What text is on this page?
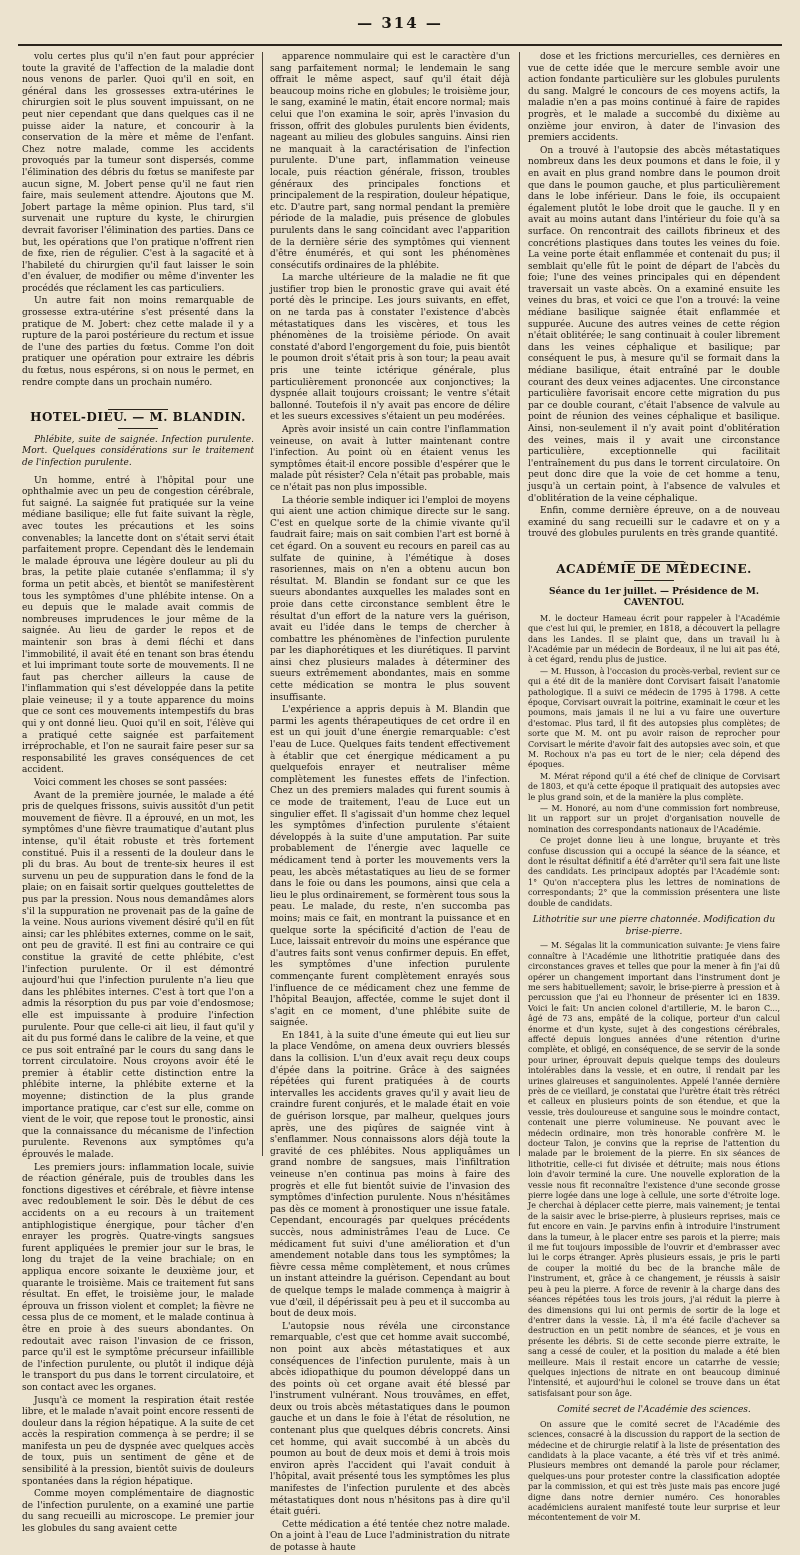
— 314 —

volu certes plus qu'il n'en faut pour apprécier toute la gravité de l'affection de la maladie dont nous venons de parler. Quoi qu'il en soit, en général dans les grossesses extra-utérines le chirurgien soit le plus souvent impuissant, on ne peut nier cependant que dans quelques cas il ne puisse aider la nature, et concourir à la conservation de la mère et même de l'enfant. Chez notre malade, comme les accidents provoqués par la tumeur sont dispersés, comme l'élimination des débris du fœtus se manifeste par aucun signe, M. Jobert pense qu'il ne faut rien faire, mais seulement attendre. Ajoutons que M. Jobert partage la même opinion. Plus tard, s'il survenait une rupture du kyste, le chirurgien devrait favoriser l'élimination des parties. Dans ce but, les opérations que l'on pratique n'offrent rien de fixe, rien de régulier. C'est à la sagacité et à l'habileté du chirurgien qu'il faut laisser le soin d'en évaluer, de modifier ou même d'inventer les procédés que réclament les cas particuliers.

Un autre fait non moins remarquable de grossesse extra-utérine s'est présenté dans la pratique de M. Jobert: chez cette malade il y a rupture de la paroi postérieure du rectum et issue de l'une des parties du fœtus. Comme l'on doit pratiquer une opération pour extraire les débris du fœtus, nous espérons, si on nous le permet, en rendre compte dans un prochain numéro.

HOTEL-DIEU. — M. BLANDIN.

Phlébite, suite de saignée. Infection purulente. Mort. Quelques considérations sur le traitement de l'infection purulente.

Un homme, entré à l'hôpital pour une ophthalmie avec un peu de congestion cérébrale, fut saigné. La saignée fut pratiquée sur la veine médiane basilique; elle fut faite suivant la règle, avec toutes les précautions et les soins convenables; la lancette dont on s'était servi était parfaitement propre. Cependant dès le lendemain le malade éprouva une légère douleur au pli du bras, la petite plaie cutanée s'enflamma; il s'y forma un petit abcès, et bientôt se manifestèrent tous les symptômes d'une phlébite intense. On a eu depuis que le malade avait commis de nombreuses imprudences le jour même de la saignée. Au lieu de garder le repos et de maintenir son bras à demi fléchi et dans l'immobilité, il avait été en tenant son bras étendu et lui imprimant toute sorte de mouvements. Il ne faut pas chercher ailleurs la cause de l'inflammation qui s'est développée dans la petite plaie veineuse; il y a toute apparence du moins que ce sont ces mouvements intempestifs du bras qui y ont donné lieu. Quoi qu'il en soit, l'élève qui a pratiqué cette saignée est parfaitement irréprochable, et l'on ne saurait faire peser sur sa responsabilité les graves conséquences de cet accident.

Voici comment les choses se sont passées:

Avant de la première journée, le malade a été pris de quelques frissons, suivis aussitôt d'un petit mouvement de fièvre. Il a éprouvé, en un mot, les symptômes d'une fièvre traumatique d'autant plus intense, qu'il était robuste et très fortement constitué. Puis il a ressenti de la douleur dans le pli du bras. Au bout de trente-six heures il est survenu un peu de suppuration dans le fond de la plaie; on en faisait sortir quelques gouttelettes de pus par la pression. Nous nous demandâmes alors s'il la suppuration ne provenait pas de la gaîne de la veine. Nous aurions vivement désiré qu'il en fût ainsi; car les phlébites externes, comme on le sait, ont peu de gravité. Il est fini au contraire ce qui constitue la gravité de cette phlébite, c'est l'infection purulente. Or il est démontré aujourd'hui que l'infection purulente n'a lieu que dans les phlébites internes. C'est à tort que l'on a admis la résorption du pus par voie d'endosmose; elle est impuissante à produire l'infection purulente. Pour que celle-ci ait lieu, il faut qu'il y ait du pus formé dans le calibre de la veine, et que ce pus soit entraîné par le cours du sang dans le torrent circulatoire. Nous croyons avoir été le premier à établir cette distinction entre la phlébite interne, la phlébite externe et la moyenne; distinction de la plus grande importance pratique, car c'est sur elle, comme on vient de le voir, que repose tout le pronostic, ainsi que la connaissance du mécanisme de l'infection purulente. Revenons aux symptômes qu'a éprouvés le malade.

Les premiers jours: inflammation locale, suivie de réaction générale, puis de troubles dans les fonctions digestives et cérébrale, et fièvre intense avec redoublement le soir. Dès le début de ces accidents on a eu recours à un traitement antiphlogistique énergique, pour tâcher d'en enrayer les progrès. Quatre-vingts sangsues furent appliquées le premier jour sur le bras, le long du trajet de la veine brachiale; on en appliqua encore soixante le deuxième jour, et quarante le troisième. Mais ce traitement fut sans résultat. En effet, le troisième jour, le malade éprouva un frisson violent et complet; la fièvre ne cessa plus de ce moment, et le malade continua à être en proie à des sueurs abondantes. On redoutait avec raison l'invasion de ce frisson, parce qu'il est le symptôme précurseur infaillible de l'infection purulente, ou plutôt il indique déjà le transport du pus dans le torrent circulatoire, et son contact avec les organes.

Jusqu'à ce moment la respiration était restée libre, et le malade n'avait point encore ressenti de douleur dans la région hépatique. A la suite de cet accès la respiration commença à se perdre; il se manifesta un peu de dyspnée avec quelques accès de toux, puis un sentiment de gêne et de sensibilité à la pression, bientôt suivis de douleurs spontanées dans la région hépatique.

Comme moyen complémentaire de diagnostic de l'infection purulente, on a examiné une partie du sang recueilli au microscope. Le premier jour les globules du sang avaient cette

apparence nommulaire qui est le caractère d'un sang parfaitement normal; le lendemain le sang offrait le même aspect, sauf qu'il était déjà beaucoup moins riche en globules; le troisième jour, le sang, examiné le matin, était encore normal; mais celui que l'on examina le soir, après l'invasion du frisson, offrit des globules purulents bien évidents, nageant au milieu des globules sanguins. Ainsi rien ne manquait à la caractérisation de l'infection purulente. D'une part, inflammation veineuse locale, puis réaction générale, frisson, troubles généraux des principales fonctions et principalement de la respiration, douleur hépatique, etc. D'autre part, sang normal pendant la première période de la maladie, puis présence de globules purulents dans le sang coïncidant avec l'apparition de la dernière série des symptômes qui viennent d'être énumérés, et qui sont les phénomènes consécutifs ordinaires de la phlébite.

La marche ultérieure de la maladie ne fit que justifier trop bien le pronostic grave qui avait été porté dès le principe. Les jours suivants, en effet, on ne tarda pas à constater l'existence d'abcès métastatiques dans les viscères, et tous les phénomènes de la troisième période. On avait constaté d'abord l'engorgement du foie, puis bientôt le poumon droit s'était pris à son tour; la peau avait pris une teinte ictérique générale, plus particulièrement prononcée aux conjonctives; la dyspnée allait toujours croissant; le ventre s'était ballonné. Toutefois il n'y avait pas encore de délire et les sueurs excessives s'étaient un peu modérées.

Après avoir insisté un cain contre l'inflammation veineuse, on avait à lutter maintenant contre l'infection. Au point où en étaient venus les symptômes était-il encore possible d'espérer que le malade pût résister? Cela n'était pas probable, mais ce n'était pas non plus impossible.

La théorie semble indiquer ici l'emploi de moyens qui aient une action chimique directe sur le sang. C'est en quelque sorte de la chimie vivante qu'il faudrait faire; mais on sait combien l'art est borné à cet égard. On a souvent eu recours en pareil cas au sulfate de quinine, à l'émétique à doses rasoriennes, mais on n'en a obtenu aucun bon résultat. M. Blandin se fondant sur ce que les sueurs abondantes auxquelles les malades sont en proie dans cette circonstance semblent être le résultat d'un effort de la nature vers la guérison, avait eu l'idée dans le temps de chercher à combattre les phénomènes de l'infection purulente par les diaphorétiques et les diurétiques. Il parvint ainsi chez plusieurs malades à déterminer des sueurs extrêmement abondantes, mais en somme cette médication se montra le plus souvent insuffisante.

L'expérience a appris depuis à M. Blandin que parmi les agents thérapeutiques de cet ordre il en est un qui jouit d'une énergie remarquable: c'est l'eau de Luce. Quelques faits tendent effectivement à établir que cet énergique médicament a pu quelquefois enrayer et neutraliser même complètement les funestes effets de l'infection. Chez un des premiers malades qui furent soumis à ce mode de traitement, l'eau de Luce eut un singulier effet. Il s'agissait d'un homme chez lequel les symptômes d'infection purulente s'étaient développés à la suite d'une amputation. Par suite probablement de l'énergie avec laquelle ce médicament tend à porter les mouvements vers la peau, les abcès métastatiques au lieu de se former dans le foie ou dans les poumons, ainsi que cela a lieu le plus ordinairement, se formèrent tous sous la peau. Le malade, du reste, n'en succomba pas moins; mais ce fait, en montrant la puissance et en quelque sorte la spécificité d'action de l'eau de Luce, laissait entrevoir du moins une espérance que d'autres faits sont venus confirmer depuis. En effet, les symptômes d'une infection purulente commençante furent complètement enrayés sous l'influence de ce médicament chez une femme de l'hôpital Beaujon, affectée, comme le sujet dont il s'agit en ce moment, d'une phlébite suite de saignée.

En 1841, à la suite d'une émeute qui eut lieu sur la place Vendôme, on amena deux ouvriers blessés dans la collision. L'un d'eux avait reçu deux coups d'épée dans la poitrine. Grâce à des saignées répétées qui furent pratiquées à de courts intervalles les accidents graves qu'il y avait lieu de craindre furent conjurés, et le malade était en voie de guérison lorsque, par malheur, quelques jours après, une des piqûres de saignée vint à s'enflammer. Nous connaissons alors déjà toute la gravité de ces phlébites. Nous appliquâmes un grand nombre de sangsues, mais l'infiltration veineuse n'en continua pas moins à faire des progrès et elle fut bientôt suivie de l'invasion des symptômes d'infection purulente. Nous n'hésitâmes pas dès ce moment à pronostiquer une issue fatale. Cependant, encouragés par quelques précédents succès, nous administrâmes l'eau de Luce. Ce médicament fut suivi d'une amélioration et d'un amendement notable dans tous les symptômes; la fièvre cessa même complètement, et nous crûmes un instant atteindre la guérison. Cependant au bout de quelque temps le malade commença à maigrir à vue d'œil, il dépérissait peu à peu et il succomba au bout de deux mois.

L'autopsie nous révéla une circonstance remarquable, c'est que cet homme avait succombé, non point aux abcès métastatiques et aux conséquences de l'infection purulente, mais à un abcès idiopathique du poumon développé dans un des points où cet organe avait été blessé par l'instrument vulnérant. Nous trouvâmes, en effet, deux ou trois abcès métastatiques dans le poumon gauche et un dans le foie à l'état de résolution, ne contenant plus que quelques débris concrets. Ainsi cet homme, qui avait succombé à un abcès du poumon au bout de deux mois et demi à trois mois environ après l'accident qui l'avait conduit à l'hôpital, avait présenté tous les symptômes les plus manifestes de l'infection purulente et des abcès métastatiques dont nous n'hésitons pas à dire qu'il était guéri.

Cette médication a été tentée chez notre malade. On a joint à l'eau de Luce l'administration du nitrate de potasse à haute

dose et les frictions mercurielles, ces dernières en vue de cette idée que le mercure semble avoir une action fondante particulière sur les globules purulents du sang. Malgré le concours de ces moyens actifs, la maladie n'en a pas moins continué à faire de rapides progrès, et le malade a succombé du dixième au onzième jour environ, à dater de l'invasion des premiers accidents.

On a trouvé à l'autopsie des abcès métastatiques nombreux dans les deux poumons et dans le foie, il y en avait en plus grand nombre dans le poumon droit que dans le poumon gauche, et plus particulièrement dans le lobe inférieur. Dans le foie, ils occupaient également plutôt le lobe droit que le gauche. Il y en avait au moins autant dans l'intérieur du foie qu'à sa surface. On rencontrait des caillots fibrineux et des concrétions plastiques dans toutes les veines du foie. La veine porte était enflammée et contenait du pus; il semblait qu'elle fût le point de départ de l'abcès du foie; l'une des veines principales qui en dépendent traversait un vaste abcès. On a examiné ensuite les veines du bras, et voici ce que l'on a trouvé: la veine médiane basilique saignée était enflammée et suppurée. Aucune des autres veines de cette région n'était oblitérée; le sang continuait à couler librement dans les veines céphalique et basilique; par conséquent le pus, à mesure qu'il se formait dans la médiane basilique, était entraîné par le double courant des deux veines adjacentes. Une circonstance particulière favorisait encore cette migration du pus par ce double courant, c'était l'absence de valvule au point de réunion des veines céphalique et basilique. Ainsi, non-seulement il n'y avait point d'oblitération des veines, mais il y avait une circonstance particulière, exceptionnelle qui facilitait l'entraînement du pus dans le torrent circulatoire. On peut donc dire que la voie de cet homme a tenu, jusqu'à un certain point, à l'absence de valvules et d'oblitération de la veine céphalique.

Enfin, comme dernière épreuve, on a de nouveau examiné du sang recueilli sur le cadavre et on y a trouvé des globules purulents en très grande quantité.

ACADÉMIE DE MÉDECINE.
Séance du 1er juillet. — Présidence de M. CAVENTOU.

M. le docteur Hameau écrit pour rappeler à l'Académie que c'est lui qui, le premier, en 1818, a découvert la pellagre dans les Landes. Il se plaint que, dans un travail lu à l'Académie par un médecin de Bordeaux, il ne lui ait pas été, à cet égard, rendu plus de justice.

— M. Husson, à l'occasion du procès-verbal, revient sur ce qui a été dit de la manière dont Corvisart faisait l'anatomie pathologique. Il a suivi ce médecin de 1795 à 1798. A cette époque, Corvisart ouvrait la poitrine, examinait le cœur et les poumons, mais jamais il ne lui a vu faire une ouverture d'estomac. Plus tard, il fit des autopsies plus complètes; de sorte que M. M. ont pu avoir raison de reprocher pour Corvisart le mérite d'avoir fait des autopsies avec soin, et que M. Rochoux n'a pas eu tort de le nier; cela dépend des époques.

M. Mérat répond qu'il a été chef de clinique de Corvisart de 1803, et qu'à cette époque il pratiquait des autopsies avec le plus grand soin, et de la manière la plus complète.

— M. Honoré, au nom d'une commission fort nombreuse, lit un rapport sur un projet d'organisation nouvelle de nomination des correspondants nationaux de l'Académie.

Ce projet donne lieu à une longue, bruyante et très confuse discussion qui a occupé la séance de la séance, et dont le résultat définitif a été d'arrêter qu'il sera fait une liste des candidats. Les principaux adoptés par l'Académie sont: 1° Qu'on n'acceptera plus les lettres de nominations de correspondants; 2° que la commission présentera une liste double de candidats.

Lithotritie sur une pierre chatonnée. Modification du brise-pierre.

— M. Ségalas lit la communication suivante: Je viens faire connaître à l'Académie une lithotritie pratiquée dans des circonstances graves et telles que pour la mener à fin j'ai dû opérer un changement important dans l'instrument dont je me sers habituellement; savoir, le brise-pierre à pression et à percussion que j'ai eu l'honneur de présenter ici en 1839. Voici le fait: Un ancien colonel d'artillerie, M. le baron C..., âgé de 73 ans, empâté de la colique, porteur d'un calcul énorme et d'un kyste, sujet à des congestions cérébrales, affecté depuis longues années d'une rétention d'urine complète, et obligé, en conséquence, de se servir de la sonde pour uriner, éprouvait depuis quelque temps des douleurs intolérables dans la vessie, et en outre, il rendait par les urines glaireuses et sanguinolentes. Appelé l'année dernière près de ce vieillard, je constatai que l'urètre était très rétréci et calleux en plusieurs points de son étendue, et que la vessie, très douloureuse et sanguine sous le moindre contact, contenait une pierre volumineuse. Ne pouvant avec le médecin ordinaire, mon très honorable confrère M. le docteur Talon, je convins que la reprise de l'attention du malade par le broiement de la pierre. En six séances de lithotritie, celle-ci fut divisée et détruite; mais nous étions loin d'avoir terminé la cure. Une nouvelle exploration de la vessie nous fit reconnaître l'existence d'une seconde grosse pierre logée dans une loge à cellule, une sorte d'étroite loge. Je cherchai à déplacer cette pierre, mais vainement; je tentai de la saisir avec le brise-pierre, à plusieurs reprises, mais ce fut encore en vain. Je parvins enfin à introduire l'instrument dans la tumeur, à le placer entre ses parois et la pierre; mais il me fut toujours impossible de l'ouvrir et d'embrasser avec lui le corps étranger. Après plusieurs essais, je pris le parti de couper la moitié du bec de la branche mâle de l'instrument, et, grâce à ce changement, je réussis à saisir peu à peu la pierre. A force de revenir à la charge dans des séances répétées tous les trois jours, j'ai réduit la pierre à des dimensions qui lui ont permis de sortir de la loge et d'entrer dans la vessie. Là, il m'a été facile d'achever sa destruction en un petit nombre de séances, et je vous en présente les débris. Si de cette seconde pierre extraite, le sang a cessé de couler, et la position du malade a été bien meilleure. Mais il restait encore un catarrhe de vessie; quelques injections de nitrate en ont beaucoup diminué l'intensité, et aujourd'hui le colonel se trouve dans un état satisfaisant pour son âge.

Comité secret de l'Académie des sciences.

On assure que le comité secret de l'Académie des sciences, consacré à la discussion du rapport de la section de médecine et de chirurgie relatif à la liste de présentation des candidats à la place vacante, a été très vif et très animé. Plusieurs membres ont demandé la parole pour réclamer, quelques-uns pour protester contre la classification adoptée par la commission, et qui est très juste mais pas encore jugé digne dans notre dernier numéro. Ces honorables académiciens auraient manifesté toute leur surprise et leur mécontentement de voir M.
